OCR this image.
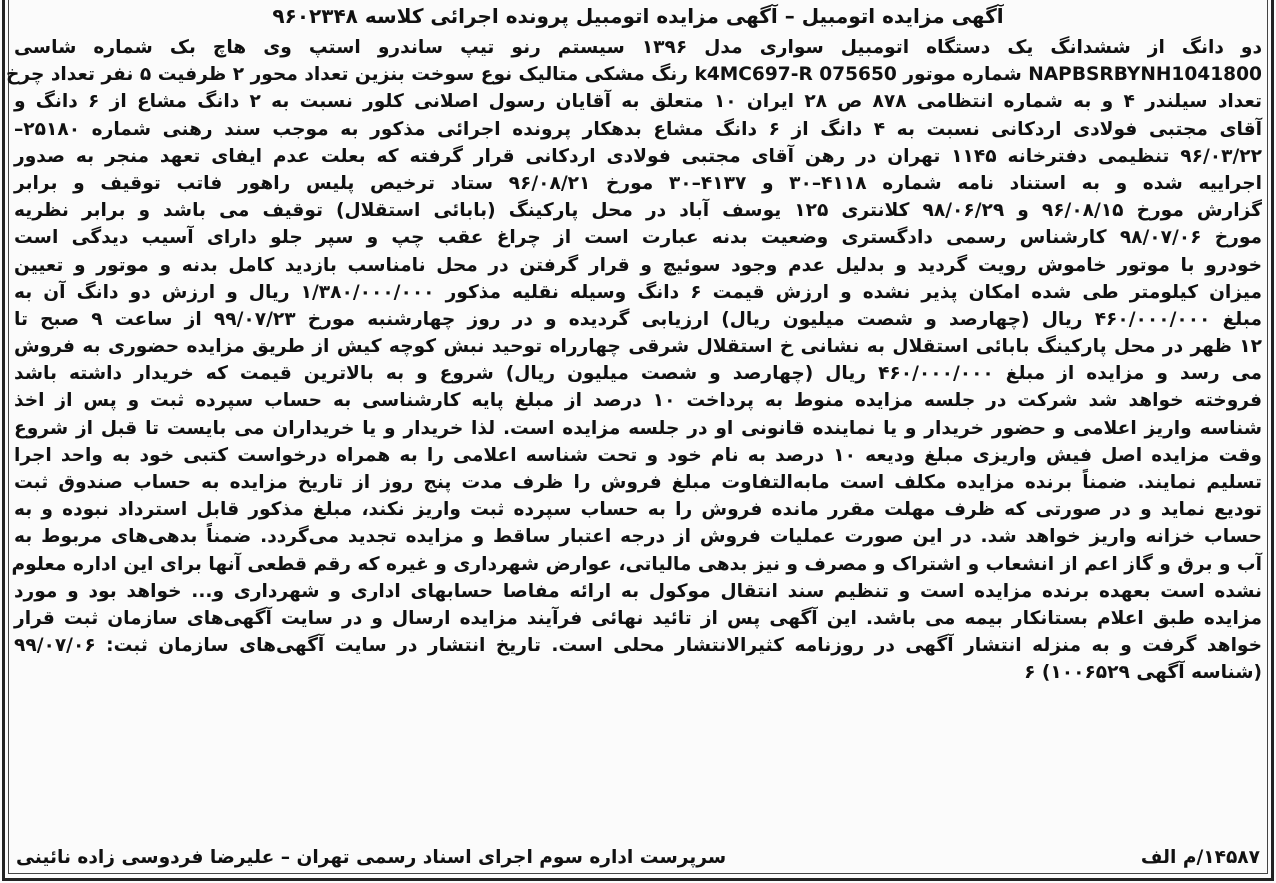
آگهی مزایده اتومبیل – آگهی مزایده اتومبیل پرونده اجرائی کلاسه ۹۶۰۲۳۴۸
دو دانگ از ششدانگ یک دستگاه اتومبیل سواری مدل ۱۳۹۶ سیستم رنو تیپ ساندرو استپ وی هاچ بک شماره شاسی
NAPBSRBYNH1041800 شماره موتور k4MC697-R 075650 رنگ مشکی متالیک نوع سوخت بنزین تعداد محور ۲ ظرفیت ۵ نفر تعداد چرخ
تعداد سیلندر ۴ و به شماره انتظامی ۸۷۸ ص ۲۸ ایران ۱۰ متعلق به آقایان رسول اصلانی کلور نسبت به ۲ دانگ مشاع از ۶ دانگ و
آقای مجتبی فولادی اردکانی نسبت به ۴ دانگ از ۶ دانگ مشاع بدهکار پرونده اجرائی مذکور به موجب سند رهنی شماره ۲۵۱۸۰–
۹۶/۰۳/۲۲ تنظیمی دفترخانه ۱۱۴۵ تهران در رهن آقای مجتبی فولادی اردکانی قرار گرفته که بعلت عدم ایفای تعهد منجر به صدور
اجراییه شده و به استناد نامه شماره ۴۱۱۸–۳۰ و ۴۱۳۷–۳۰ مورخ ۹۶/۰۸/۲۱ ستاد ترخیص پلیس راهور فاتب توقیف و برابر
گزارش مورخ ۹۶/۰۸/۱۵ و ۹۸/۰۶/۲۹ کلانتری ۱۲۵ یوسف آباد در محل پارکینگ (بابائی استقلال) توقیف می باشد و برابر نظریه
مورخ ۹۸/۰۷/۰۶ کارشناس رسمی دادگستری وضعیت بدنه عبارت است از چراغ عقب چپ و سپر جلو دارای آسیب دیدگی است
خودرو با موتور خاموش رویت گردید و بدلیل عدم وجود سوئیچ و قرار گرفتن در محل نامناسب بازدید کامل بدنه و موتور و تعیین
میزان کیلومتر طی شده امکان پذیر نشده و ارزش قیمت ۶ دانگ وسیله نقلیه مذکور ۱/۳۸۰/۰۰۰/۰۰۰ ریال و ارزش دو دانگ آن به
مبلغ ۴۶۰/۰۰۰/۰۰۰ ریال (چهارصد و شصت میلیون ریال) ارزیابی گردیده و در روز چهارشنبه مورخ ۹۹/۰۷/۲۳ از ساعت ۹ صبح تا
۱۲ ظهر در محل پارکینگ بابائی استقلال به نشانی خ استقلال شرقی چهارراه توحید نبش کوچه کیش از طریق مزایده حضوری به فروش
می رسد و مزایده از مبلغ ۴۶۰/۰۰۰/۰۰۰ ریال (چهارصد و شصت میلیون ریال) شروع و به بالاترین قیمت که خریدار داشته باشد
فروخته خواهد شد شرکت در جلسه مزایده منوط به پرداخت ۱۰ درصد از مبلغ پایه کارشناسی به حساب سپرده ثبت و پس از اخذ
شناسه واریز اعلامی و حضور خریدار و یا نماینده قانونی او در جلسه مزایده است. لذا خریدار و یا خریداران می بایست تا قبل از شروع
وقت مزایده اصل فیش واریزی مبلغ ودیعه ۱۰ درصد به نام خود و تحت شناسه اعلامی را به همراه درخواست کتبی خود به واحد اجرا
تسلیم نمایند. ضمناً برنده مزایده مکلف است مابه‌التفاوت مبلغ فروش را ظرف مدت پنج روز از تاریخ مزایده به حساب صندوق ثبت
تودیع نماید و در صورتی که ظرف مهلت مقرر مانده فروش را به حساب سپرده ثبت واریز نکند، مبلغ مذکور قابل استرداد نبوده و به
حساب خزانه واریز خواهد شد. در این صورت عملیات فروش از درجه اعتبار ساقط و مزایده تجدید می‌گردد. ضمناً بدهی‌های مربوط به
آب و برق و گاز اعم از انشعاب و اشتراک و مصرف و نیز بدهی مالیاتی، عوارض شهرداری و غیره که رقم قطعی آنها برای این اداره معلوم
نشده است بعهده برنده مزایده است و تنظیم سند انتقال موکول به ارائه مفاصا حسابهای اداری و شهرداری و... خواهد بود و مورد
مزایده طبق اعلام بستانکار بیمه می باشد. این آگهی پس از تائید نهائی فرآیند مزایده ارسال و در سایت آگهی‌های سازمان ثبت قرار
خواهد گرفت و به منزله انتشار آگهی در روزنامه کثیرالانتشار محلی است. تاریخ انتشار در سایت آگهی‌های سازمان ثبت: ۹۹/۰۷/۰۶
(شناسه آگهی ۱۰۰۶۵۲۹) ۶
۱۴۵۸۷/م الف
سرپرست اداره سوم اجرای اسناد رسمی تهران – علیرضا فردوسی زاده نائینی
